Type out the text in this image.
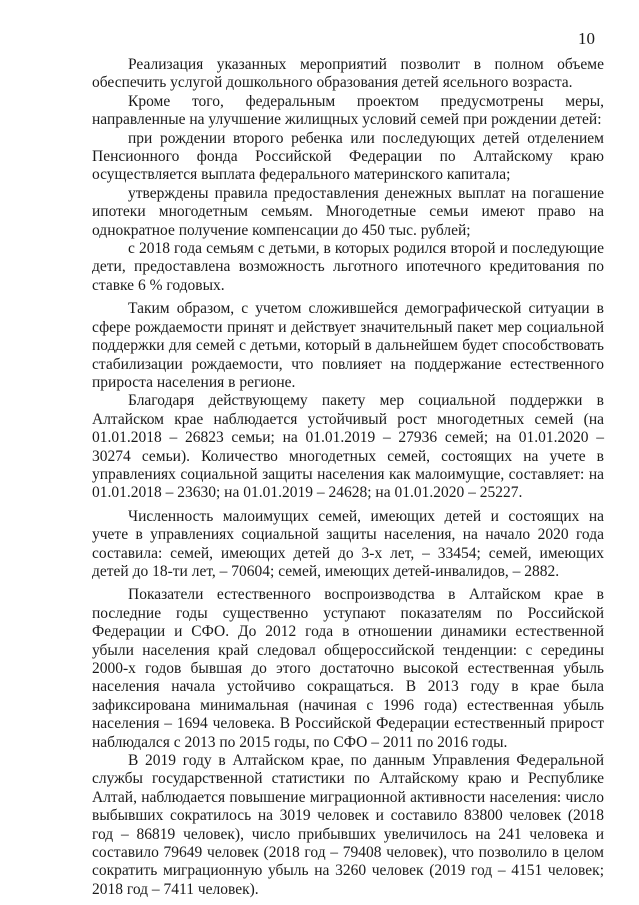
10

Реализация указанных мероприятий позволит в полном объеме обеспечить услугой дошкольного образования детей ясельного возраста.

Кроме того, федеральным проектом предусмотрены меры, направленные на улучшение жилищных условий семей при рождении детей:

при рождении второго ребенка или последующих детей отделением Пенсионного фонда Российской Федерации по Алтайскому краю осуществляется выплата федерального материнского капитала;

утверждены правила предоставления денежных выплат на погашение ипотеки многодетным семьям. Многодетные семьи имеют право на однократное получение компенсации до 450 тыс. рублей;

с 2018 года семьям с детьми, в которых родился второй и последующие дети, предоставлена возможность льготного ипотечного кредитования по ставке 6 % годовых.

Таким образом, с учетом сложившейся демографической ситуации в сфере рождаемости принят и действует значительный пакет мер социальной поддержки для семей с детьми, который в дальнейшем будет способствовать стабилизации рождаемости, что повлияет на поддержание естественного прироста населения в регионе.

Благодаря действующему пакету мер социальной поддержки в Алтайском крае наблюдается устойчивый рост многодетных семей (на 01.01.2018 – 26823 семьи; на 01.01.2019 – 27936 семей; на 01.01.2020 – 30274 семьи). Количество многодетных семей, состоящих на учете в управлениях социальной защиты населения как малоимущие, составляет: на 01.01.2018 – 23630; на 01.01.2019 – 24628; на 01.01.2020 – 25227.

Численность малоимущих семей, имеющих детей и состоящих на учете в управлениях социальной защиты населения, на начало 2020 года составила: семей, имеющих детей до 3-х лет, – 33454; семей, имеющих детей до 18-ти лет, – 70604; семей, имеющих детей-инвалидов, – 2882.

Показатели естественного воспроизводства в Алтайском крае в последние годы существенно уступают показателям по Российской Федерации и СФО. До 2012 года в отношении динамики естественной убыли населения край следовал общероссийской тенденции: с середины 2000-х годов бывшая до этого достаточно высокой естественная убыль населения начала устойчиво сокращаться. В 2013 году в крае была зафиксирована минимальная (начиная с 1996 года) естественная убыль населения – 1694 человека. В Российской Федерации естественный прирост наблюдался с 2013 по 2015 годы, по СФО – 2011 по 2016 годы.

В 2019 году в Алтайском крае, по данным Управления Федеральной службы государственной статистики по Алтайскому краю и Республике Алтай, наблюдается повышение миграционной активности населения: число выбывших сократилось на 3019 человек и составило 83800 человек (2018 год – 86819 человек), число прибывших увеличилось на 241 человека и составило 79649 человек (2018 год – 79408 человек), что позволило в целом сократить миграционную убыль на 3260 человек (2019 год – 4151 человек; 2018 год – 7411 человек).
